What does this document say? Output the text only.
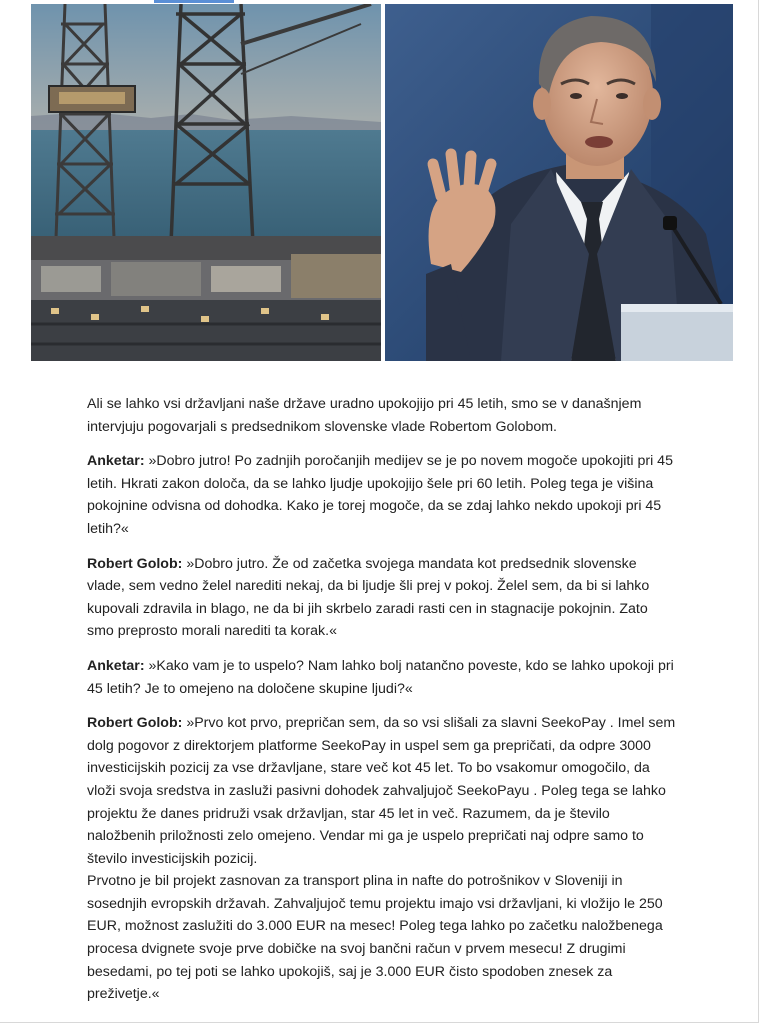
Ali se lahko vsi državljani naše države uradno upokojijo pri 45 letih, smo se v današnjem intervjuju pogovarjali s predsednikom slovenske vlade Robertom Golobom.

Anketar: »Dobro jutro! Po zadnjih poročanjih medijev se je po novem mogoče upokojiti pri 45 letih. Hkrati zakon določa, da se lahko ljudje upokojijo šele pri 60 letih. Poleg tega je višina pokojnine odvisna od dohodka. Kako je torej mogoče, da se zdaj lahko nekdo upokoji pri 45 letih?«

Robert Golob: »Dobro jutro. Že od začetka svojega mandata kot predsednik slovenske vlade, sem vedno želel narediti nekaj, da bi ljudje šli prej v pokoj. Želel sem, da bi si lahko kupovali zdravila in blago, ne da bi jih skrbelo zaradi rasti cen in stagnacije pokojnin. Zato smo preprosto morali narediti ta korak.«

Anketar: »Kako vam je to uspelo? Nam lahko bolj natančno poveste, kdo se lahko upokoji pri 45 letih? Je to omejeno na določene skupine ljudi?«

Robert Golob: »Prvo kot prvo, prepričan sem, da so vsi slišali za slavni SeekoPay . Imel sem dolg pogovor z direktorjem platforme SeekoPay in uspel sem ga prepričati, da odpre 3000 investicijskih pozicij za vse državljane, stare več kot 45 let. To bo vsakomur omogočilo, da vloži svoja sredstva in zasluži pasivni dohodek zahvaljujoč SeekoPayu . Poleg tega se lahko projektu že danes pridruži vsak državljan, star 45 let in več. Razumem, da je število naložbenih priložnosti zelo omejeno. Vendar mi ga je uspelo prepričati naj odpre samo to število investicijskih pozicij.

Prvotno je bil projekt zasnovan za transport plina in nafte do potrošnikov v Sloveniji in sosednjih evropskih državah. Zahvaljujoč temu projektu imajo vsi državljani, ki vložijo le 250 EUR, možnost zaslužiti do 3.000 EUR na mesec! Poleg tega lahko po začetku naložbenega procesa dvignete svoje prve dobičke na svoj bančni račun v prvem mesecu! Z drugimi besedami, po tej poti se lahko upokojiš, saj je 3.000 EUR čisto spodoben znesek za preživetje.«
